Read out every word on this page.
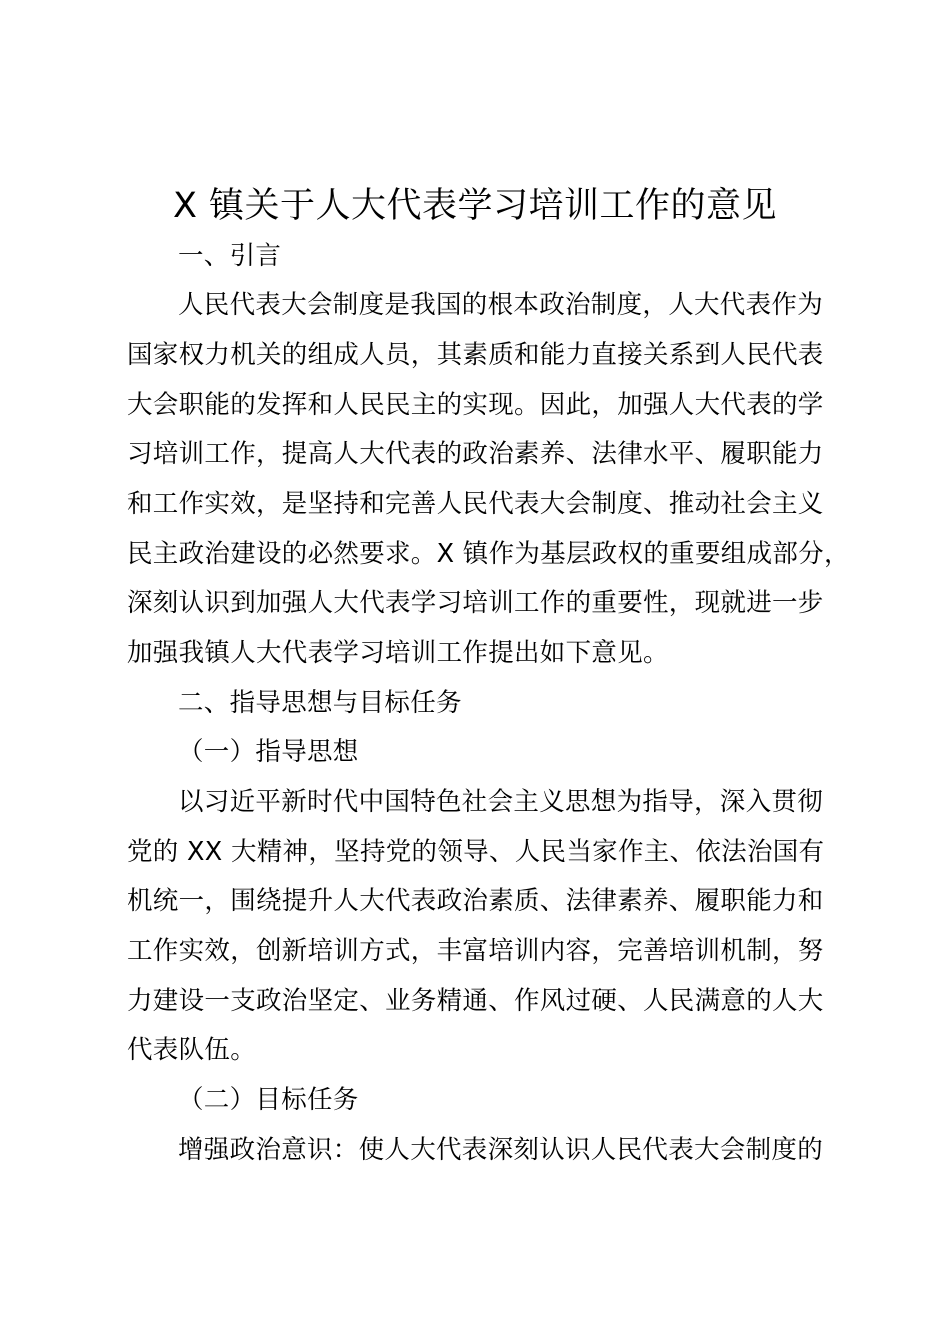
X 镇关于人大代表学习培训工作的意见
一、引言
人民代表大会制度是我国的根本政治制度，人大代表作为
国家权力机关的组成人员，其素质和能力直接关系到人民代表
大会职能的发挥和人民民主的实现。因此，加强人大代表的学
习培训工作，提高人大代表的政治素养、法律水平、履职能力
和工作实效，是坚持和完善人民代表大会制度、推动社会主义
民主政治建设的必然要求。X 镇作为基层政权的重要组成部分，
深刻认识到加强人大代表学习培训工作的重要性，现就进一步
加强我镇人大代表学习培训工作提出如下意见。
二、指导思想与目标任务
（一）指导思想
以习近平新时代中国特色社会主义思想为指导，深入贯彻
党的 XX 大精神，坚持党的领导、人民当家作主、依法治国有
机统一，围绕提升人大代表政治素质、法律素养、履职能力和
工作实效，创新培训方式，丰富培训内容，完善培训机制，努
力建设一支政治坚定、业务精通、作风过硬、人民满意的人大
代表队伍。
（二）目标任务
增强政治意识：使人大代表深刻认识人民代表大会制度的
